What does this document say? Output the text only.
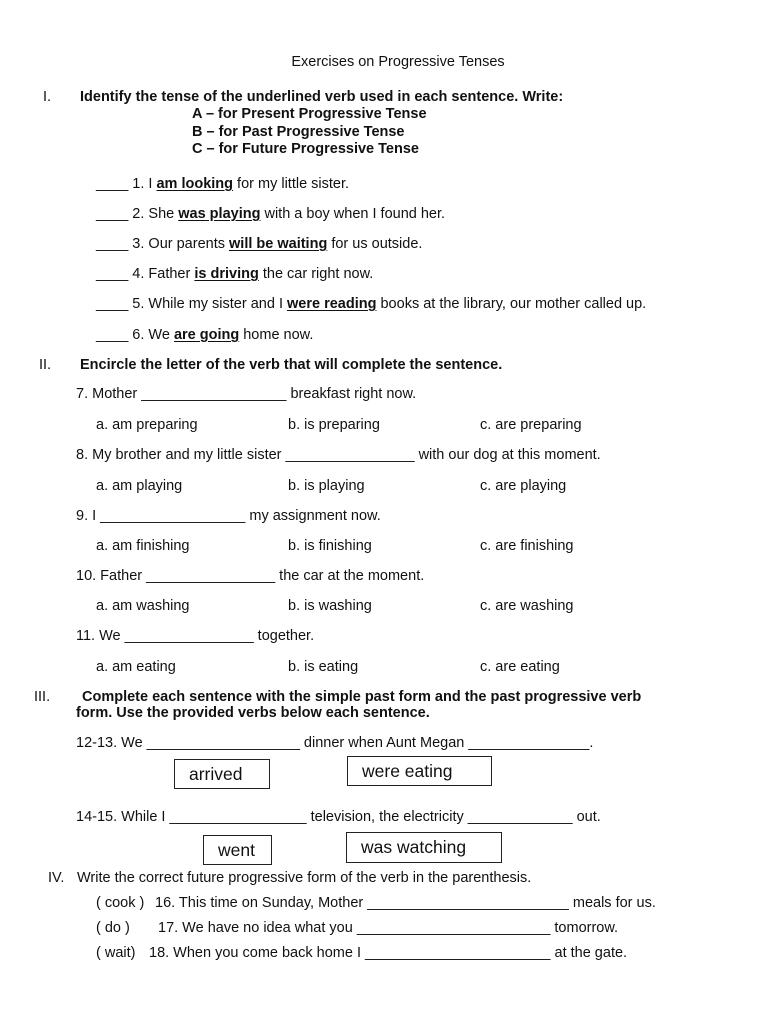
Exercises on Progressive Tenses
I. Identify the tense of the underlined verb used in each sentence. Write:
A – for Present Progressive Tense
B – for Past Progressive Tense
C – for Future Progressive Tense
____ 1. I am looking for my little sister.
____ 2. She was playing with a boy when I found her.
____ 3. Our parents will be waiting for us outside.
____ 4. Father is driving the car right now.
____ 5. While my sister and I were reading books at the library, our mother called up.
____ 6. We are going home now.
II. Encircle the letter of the verb that will complete the sentence.
7. Mother __________________ breakfast right now.
a. am preparing	b. is preparing	c. are preparing
8. My brother and my little sister ________________ with our dog at this moment.
a. am playing	b. is playing	c. are playing
9. I __________________ my assignment now.
a. am finishing	b. is finishing	c. are finishing
10. Father ________________ the car at the moment.
a. am washing	b. is washing	c. are washing
11. We ________________ together.
a. am eating	b. is eating	c. are eating
III. Complete each sentence with the simple past form and the past progressive verb
form. Use the provided verbs below each sentence.
12-13. We ___________________ dinner when Aunt Megan _______________.
arrived	were eating
14-15. While I _________________ television, the electricity _____________ out.
went	was watching
IV. Write the correct future progressive form of the verb in the parenthesis.
( cook ) 16. This time on Sunday, Mother _________________________ meals for us.
( do ) 17. We have no idea what you ________________________ tomorrow.
( wait) 18. When you come back home I _______________________ at the gate.
